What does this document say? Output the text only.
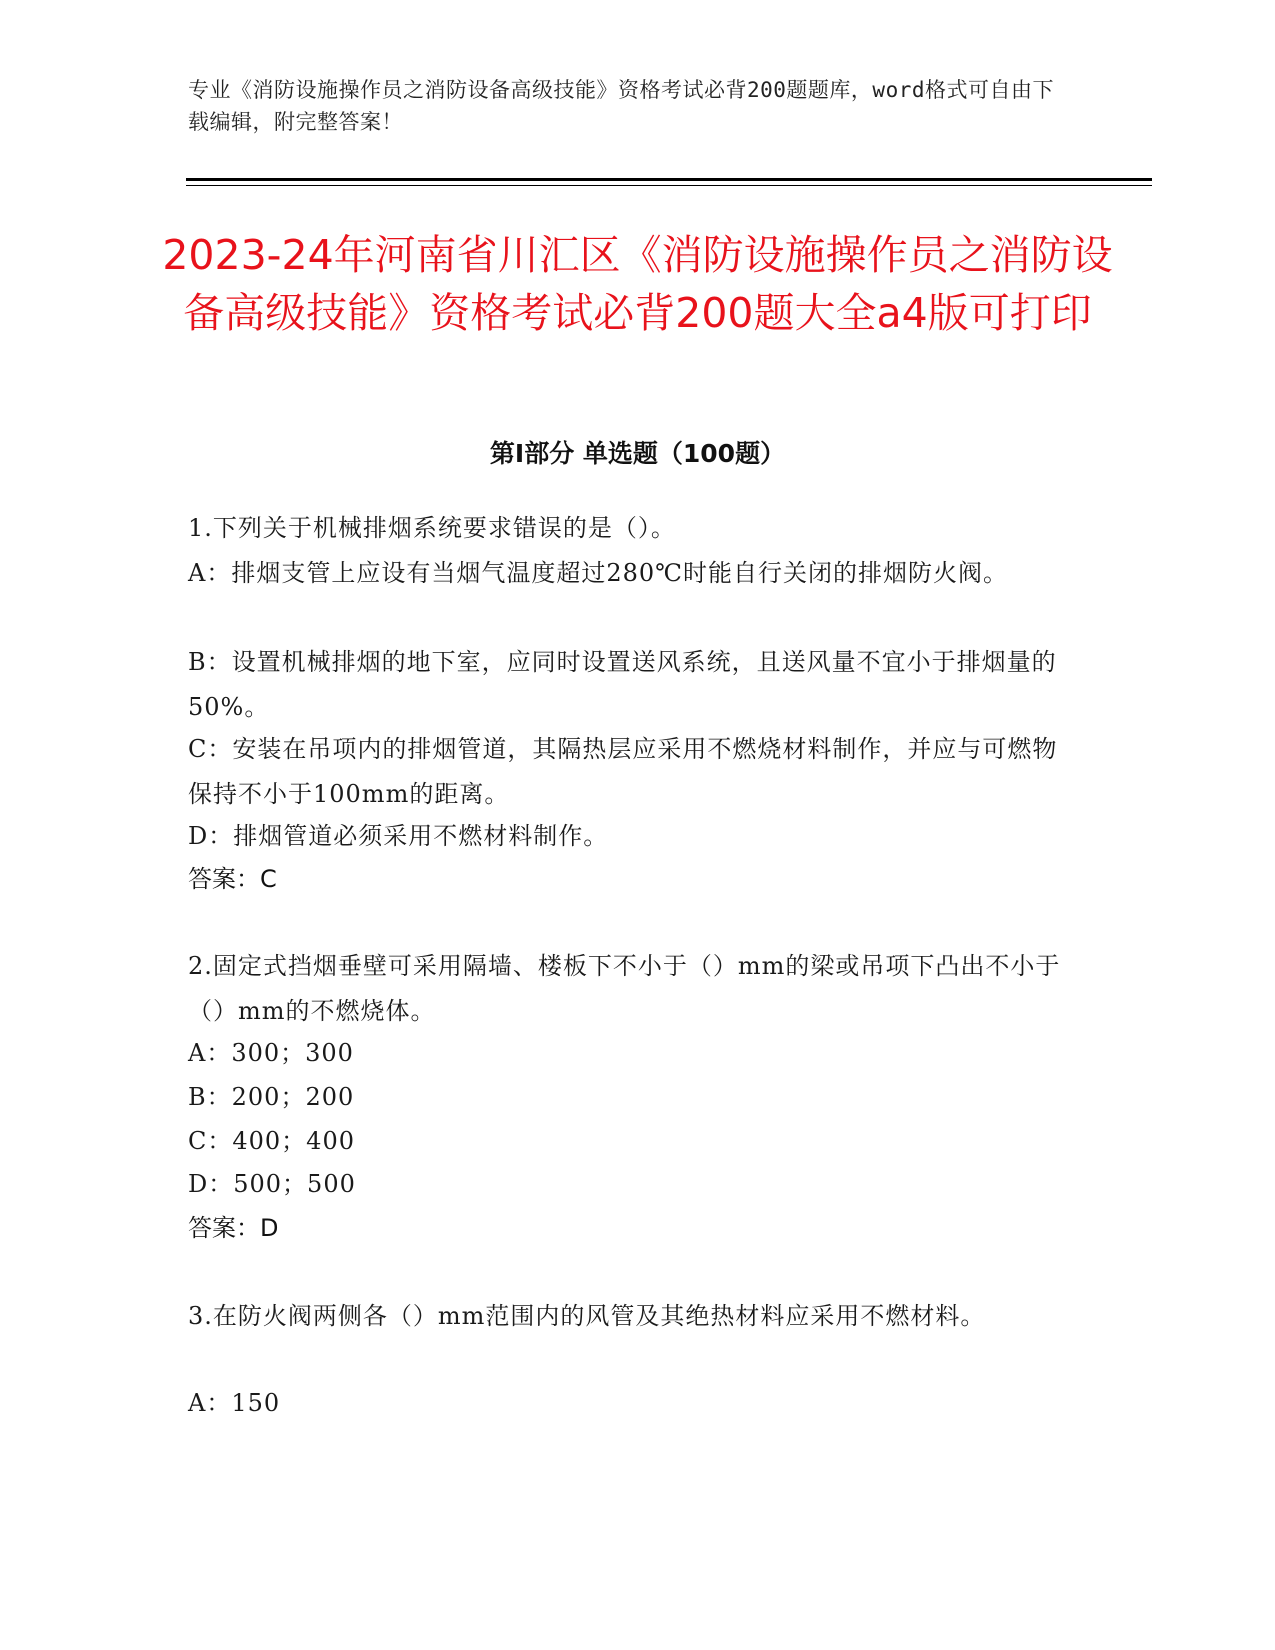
专业《消防设施操作员之消防设备高级技能》资格考试必背200题题库，word格式可自由下载编辑，附完整答案！
2023-24年河南省川汇区《消防设施操作员之消防设备高级技能》资格考试必背200题大全a4版可打印
第I部分 单选题（100题）
1.下列关于机械排烟系统要求错误的是（）。
A：排烟支管上应设有当烟气温度超过280℃时能自行关闭的排烟防火阀。
B：设置机械排烟的地下室，应同时设置送风系统，且送风量不宜小于排烟量的50%。
C：安装在吊项内的排烟管道，其隔热层应采用不燃烧材料制作，并应与可燃物保持不小于100mm的距离。
D：排烟管道必须采用不燃材料制作。
答案：C
2.固定式挡烟垂壁可采用隔墙、楼板下不小于（）mm的梁或吊项下凸出不小于（）mm的不燃烧体。
A：300；300
B：200；200
C：400；400
D：500；500
答案：D
3.在防火阀两侧各（）mm范围内的风管及其绝热材料应采用不燃材料。
A：150
